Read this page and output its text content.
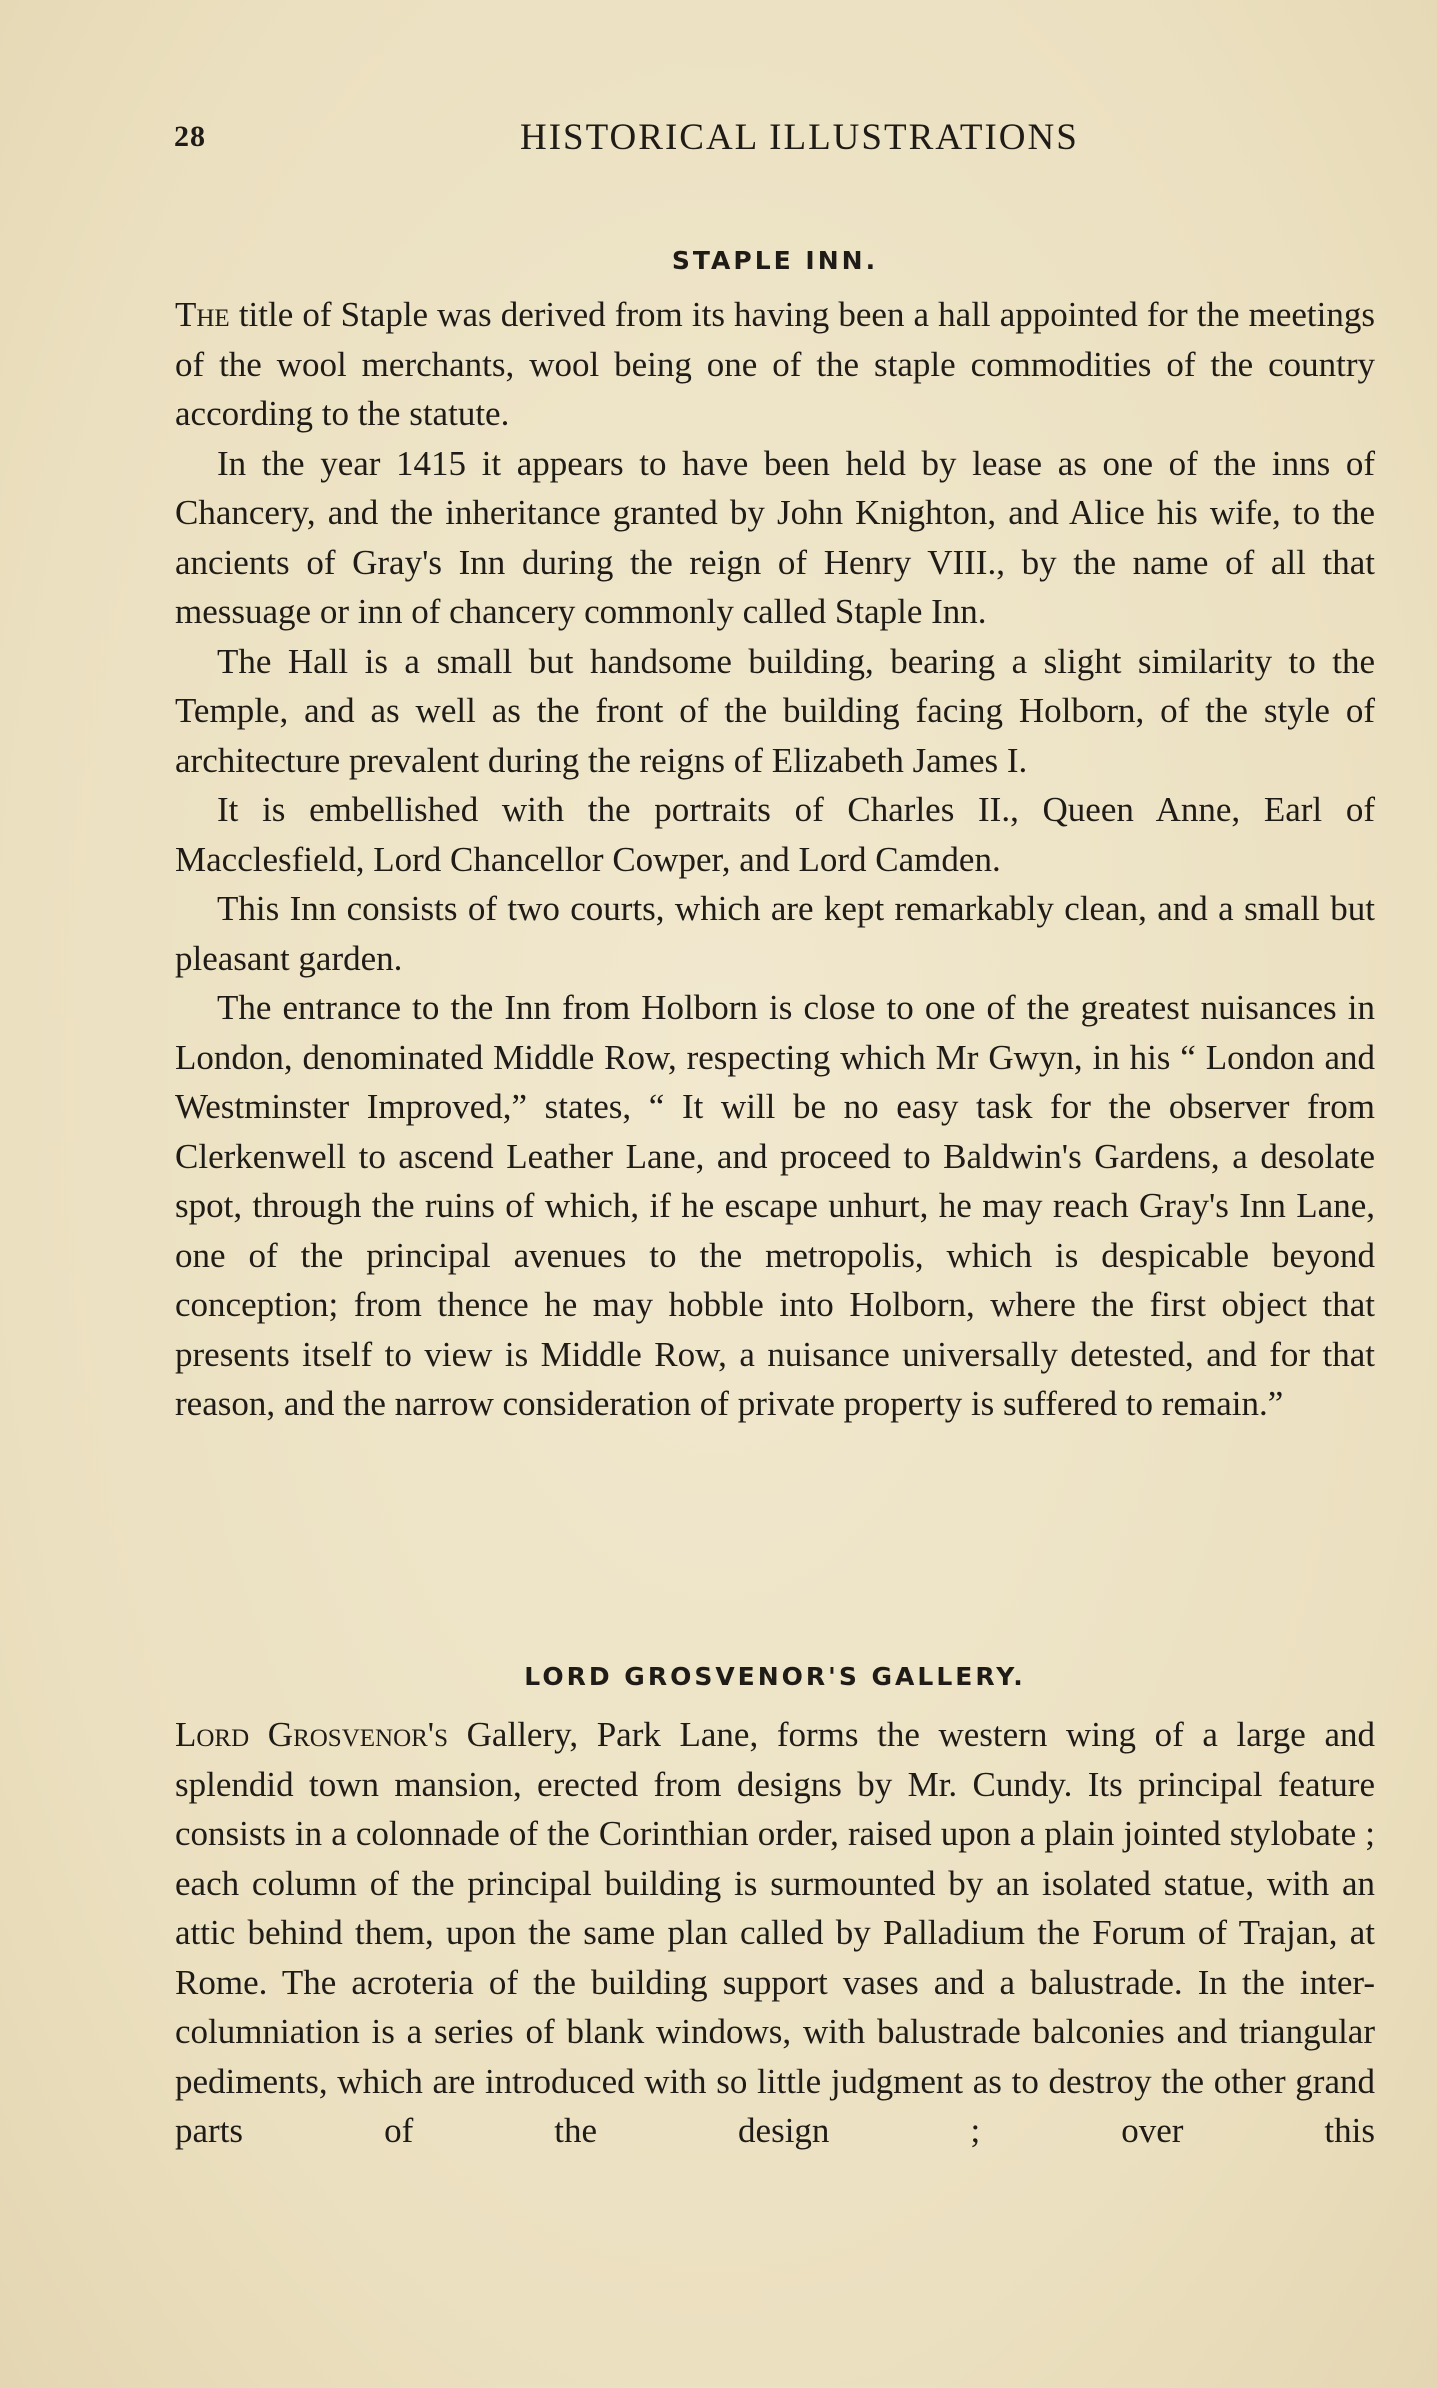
28	HISTORICAL ILLUSTRATIONS
STAPLE INN.

The title of Staple was derived from its having been a hall appointed for the meetings of the wool merchants, wool being one of the staple commodities of the country according to the statute.

In the year 1415 it appears to have been held by lease as one of the inns of Chancery, and the inheritance granted by John Knighton, and Alice his wife, to the ancients of Gray's Inn during the reign of Henry VIII., by the name of all that messuage or inn of chancery commonly called Staple Inn.

The Hall is a small but handsome building, bearing a slight similarity to the Temple, and as well as the front of the building facing Holborn, of the style of architecture prevalent during the reigns of Elizabeth James I.

It is embellished with the portraits of Charles II., Queen Anne, Earl of Macclesfield, Lord Chancellor Cowper, and Lord Camden.

This Inn consists of two courts, which are kept remarkably clean, and a small but pleasant garden.

The entrance to the Inn from Holborn is close to one of the greatest nuisances in London, denominated Middle Row, respecting which Mr Gwyn, in his “ London and Westminster Improved,” states, “ It will be no easy task for the observer from Clerkenwell to ascend Leather Lane, and proceed to Baldwin's Gardens, a desolate spot, through the ruins of which, if he escape unhurt, he may reach Gray's Inn Lane, one of the principal avenues to the metropolis, which is despicable beyond conception; from thence he may hobble into Holborn, where the first object that presents itself to view is Middle Row, a nuisance universally detested, and for that reason, and the narrow consideration of private property is suffered to remain.”

LORD GROSVENOR'S GALLERY.

Lord Grosvenor's Gallery, Park Lane, forms the western wing of a large and splendid town mansion, erected from designs by Mr. Cundy. Its principal feature consists in a colonnade of the Corinthian order, raised upon a plain jointed stylobate ; each column of the principal building is surmounted by an isolated statue, with an attic behind them, upon the same plan called by Palladium the Forum of Trajan, at Rome. The acroteria of the building support vases and a balustrade. In the inter-columniation is a series of blank windows, with balustrade balconies and triangular pediments, which are introduced with so little judgment as to destroy the other grand parts of the design ; over this
